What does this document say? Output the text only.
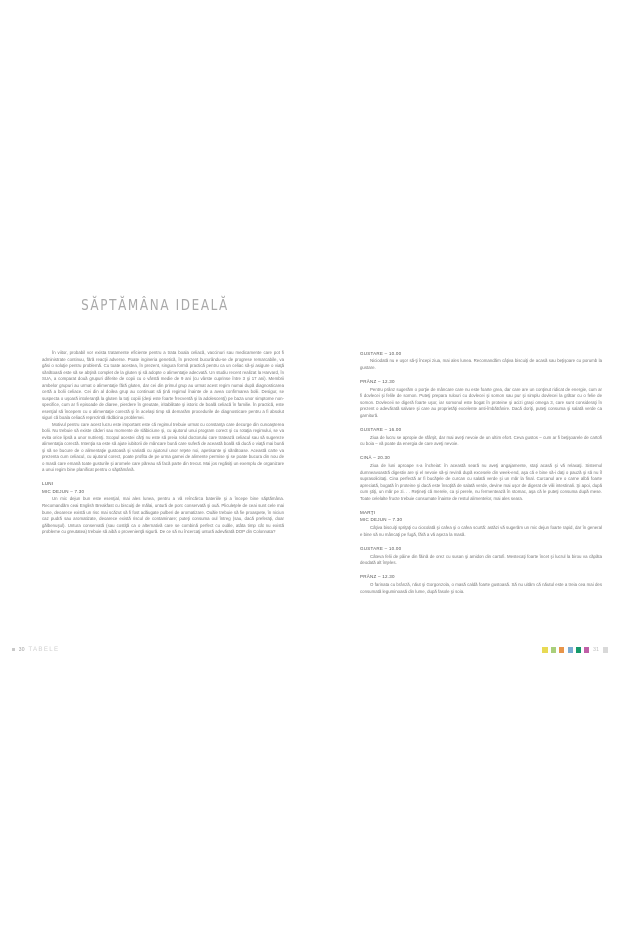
SĂPTĂMÂNA IDEALĂ

În viitor, probabil vor exista tratamente eficiente pentru a trata boala celiacă, vaccinuri sau medicamente care pot fi administrate continuu, fără reacţii adverse. Poate ingineria genetică, în prezent bucurându-se de progrese remarcabile, va găsi o soluţie pentru problemă. Cu toate acestea, în prezent, singura formă practică pentru ca un celiac să-şi asigure o viaţă sănătoasă este să se abţină complet de la gluten şi să adopte o alimentaţie adecvată. Un studiu recent realizat la Harvard, în SUA, a comparat două grupuri diferite de copii cu o vârstă medie de 9 ani (cu vârste cuprinse între 3 şi 17 ani). Membrii ambelor grupuri au urmat o alimentaţie fără gluten, dar cei din primul grup au urmat acest regim numai după diagnosticarea certă a bolii celiace. Cei din al doilea grup au continuat să ţină regimul înainte de a avea confirmarea bolii. Desigur, se suspecta o uşoară intoleranţă la gluten la toţi copiii (deşi este foarte frecventă şi la adolescenţi) pe baza unor simptome non-specifice, cum ar fi episoade de diaree, pierdere în greutate, iritabilitate şi istoric de boală celiacă în familie. În practică, este esenţial să începem cu o alimentaţie corectă şi în acelaşi timp să demarăm procedurile de diagnosticare pentru a fi absolut siguri că boala celiacă reprezintă rădăcina problemei.

Motivul pentru care acest lucru este important este că regimul trebuie urmat cu constanţa care decurge din cunoaşterea bolii. Nu trebuie să existe căderi sau momente de slăbiciune şi, cu ajutorul unui program corect şi cu rotaţia regimului, se va evita orice lipsă a unor nutrienţi. Scopul acestei cărţi nu este să preia rolul doctorului care tratează celiacul sau să sugereze alimentaţia corectă. Intenţia sa este să ajute iubitorii de mâncare bună care suferă de această boală să ducă o viaţă mai bună şi să se bucure de o alimentaţie gustoasă şi variată cu ajutorul unor reţete noi, apetisante şi sănătoase. Această carte va prezenta cum celiacul, cu ajutorul corect, poate profita de pe urma gamei de alimente permise şi se poate bucura din nou de o masă care emană toate gusturile şi aromele care păreau să facă parte din trecut. Mai jos regăsiţi un exemplu de organizare a unui regim bine planificat pentru o săptămână.

LUNI

MIC DEJUN – 7.30

Un mic dejun bun este esenţial, mai ales lunea, pentru a vă reîncărca bateriile şi a începe bine săptămâna. Recomandăm ceai English Breakfast cu biscuiţi de mălai, untură de porc conservată şi ouă. Pliculeţele de ceai sunt cele mai bune, deoarece există un risc mai scăzut să fi fost adăugate pulberi de aromatizare. Ouăle trebuie să fie proaspete, în niciun caz pudră sau aromatizate, deoarece există riscul de contaminare; puteţi consuma oul întreg (sau, dacă preferaţi, doar gălbenuşul). Untura conservată (sau costiţă ca o alternativă care se combină perfect cu ouăle, atâta timp cât nu există probleme cu greutatea) trebuie să aibă o provenienţă sigură. De ce să nu încercaţi untură adevărată DOP din Colonnata?

GUSTARE – 10.00

Niciodată nu e uşor să-ţi începi ziua, mai ales lunea. Recomandăm câţiva biscuiţi de acasă sau beţişoare cu porumb la gustare.

PRÂNZ – 12.30

Pentru prânz sugerăm o porţie de mâncare care nu este foarte grea, dar care are un conţinut ridicat de energie, cum ar fi dovlecei şi felile de somon. Puteţi prepara rulouri cu dovlecei şi somon sau pur şi simplu dovlecei la grătar cu o felie de somon. Dovleceii se digeră foarte uşor, iar somonul este bogat în proteine şi acizi graşi omega 3, care sunt consideraţi în prezent o adevărată salvare şi care au proprietăţi excelente anti-îmbătrânire. Dacă doriţi, puteţi consuma şi salată verde ca garnitură.

GUSTARE – 16.00

Ziua de lucru se apropie de sfârşit, dar mai aveţi nevoie de un ultim efort. Ceva gustos – cum ar fi beţişoarele de cartofi cu boia – vă poate da energia de care aveţi nevoie.

CINĂ – 20.30

Ziua de luni aproape s-a încheiat: în această seară nu aveţi angajamente, staţi acasă şi vă relaxaţi. Sistemul dumneavoastră digestiv are şi el nevoie să-şi revină după excesele din week-end, aşa că e bine să-i daţi o pauză şi să nu îl suprasolicitaţi. Cina perfectă ar fi bucăţele de curcan cu salată verde şi un măr la final. Curcanul are o carne albă foarte apreciată, bogată în proteine şi dacă este însoţită de salată verde, devine mai uşor de digerat de vilii intestinali. Şi apoi, după cum ştiţi, un măr pe zi. . . Reţineţi că merele, ca şi perele, nu fermentează în stomac, aşa că le puteţi consuma după mese. Toate celelalte fructe trebuie consumate înainte de restul alimentelor, mai ales seara.

MARŢI

MIC DEJUN – 7.30

Câţiva biscuiţi spriţaţi cu ciocolată şi cafea şi o cafea scurtă: astăzi vă sugerăm un mic dejun foarte rapid, dar în general e bine să nu mâncaţi pe fugă, fără a vă aşeza la masă.

GUSTARE – 10.00

Câteva felii de pâine din făină de orez cu susan şi amidon din cartofi. Mestecaţi foarte încet şi lucrul la birou va căpăta deodată alt înţeles.

PRÂNZ – 12.30

O farinata cu brânză, năut şi Gorgonzola, o masă caldă foarte gustoasă. Să nu uităm că năutul este a treia cea mai des consumată leguminoasă din lume, după fasole şi soia.

30 TABELE	31
